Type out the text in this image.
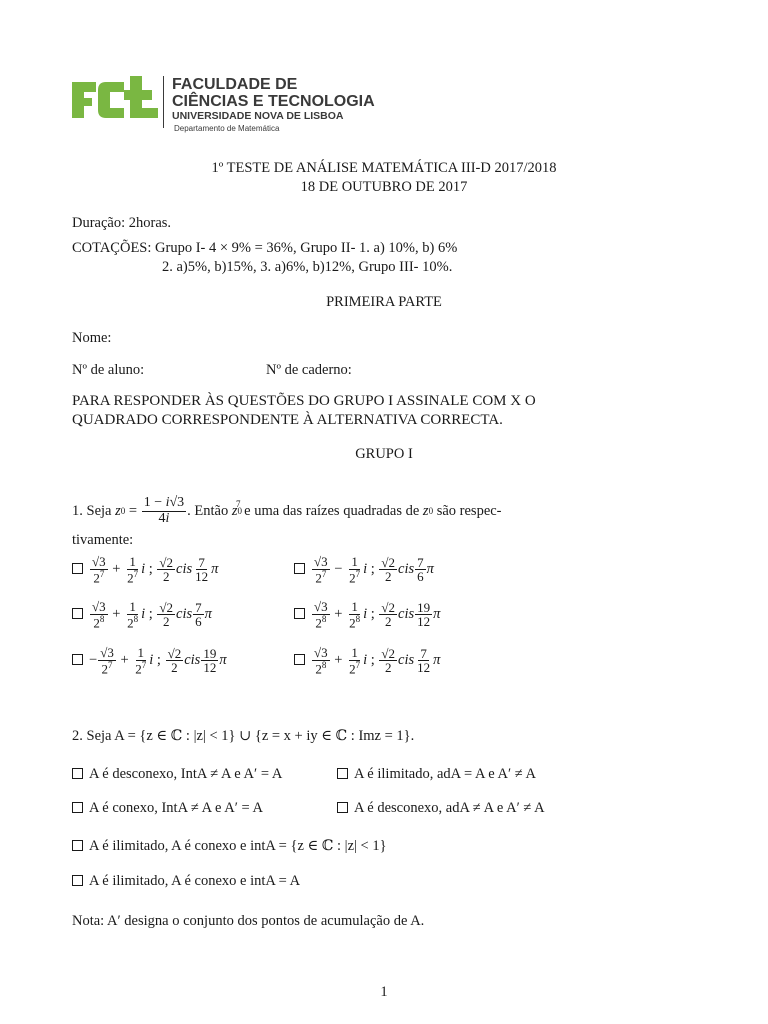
FACULDADE DE
CIÊNCIAS E TECNOLOGIA
UNIVERSIDADE NOVA DE LISBOA
Departamento de Matemática
1º TESTE DE ANÁLISE MATEMÁTICA III-D 2017/2018
18 DE OUTUBRO DE 2017
Duração: 2horas.
COTAÇÕES: Grupo I- 4 × 9% = 36%, Grupo II- 1. a) 10%, b) 6%
2. a)5%, b)15%, 3. a)6%, b)12%, Grupo III- 10%.
PRIMEIRA PARTE
Nome:
Nº de aluno:	Nº de caderno:
PARA RESPONDER ÀS QUESTÕES DO GRUPO I ASSINALE COM X O
QUADRADO CORRESPONDENTE À ALTERNATIVA CORRECTA.
GRUPO I
1. Seja
z $0 = \frac{1 - i√3}{4i}$ . Então z 0
$^7$
e uma das raízes quadradas de
z 0
são respec-
tivamente:
$\frac{√3}{2^7} + \frac{1}{2^7}$ i ; $\frac{√2}{2}$ cis $\frac{7}{12}$ π	$\frac{√3}{2^7} - \frac{1}{2^7}$ i ; $\frac{√2}{2}$ cis $\frac{7}{6}$ π
$\frac{√3}{2^8} + \frac{1}{2^8}$ i ; $\frac{√2}{2}$ cis $\frac{7}{6}$ π	$\frac{√3}{2^8} + \frac{1}{2^8}$ i ; $\frac{√2}{2}$ cis $\frac{19}{12}$ π
− $\frac{√3}{2^7} + \frac{1}{2^7}$ i ; $\frac{√2}{2}$ cis $\frac{19}{12}$ π	$\frac{√3}{2^8} + \frac{1}{2^7}$ i ; $\frac{√2}{2}$ cis $\frac{7}{12}$ π
2. Seja A = {z ∈ ℂ : |z| < 1} ∪ {z = x + iy ∈ ℂ : Imz = 1}.
A é desconexo, IntA ≠ A e A′ = A	A é ilimitado, adA = A e A′ ≠ A
A é conexo, IntA ≠ A e A′ = A	A é desconexo, adA ≠ A e A′ ≠ A
A é ilimitado, A é conexo e intA = {z ∈ ℂ : |z| < 1}
A é ilimitado, A é conexo e intA = A
Nota: A′ designa o conjunto dos pontos de acumulação de A.
1
